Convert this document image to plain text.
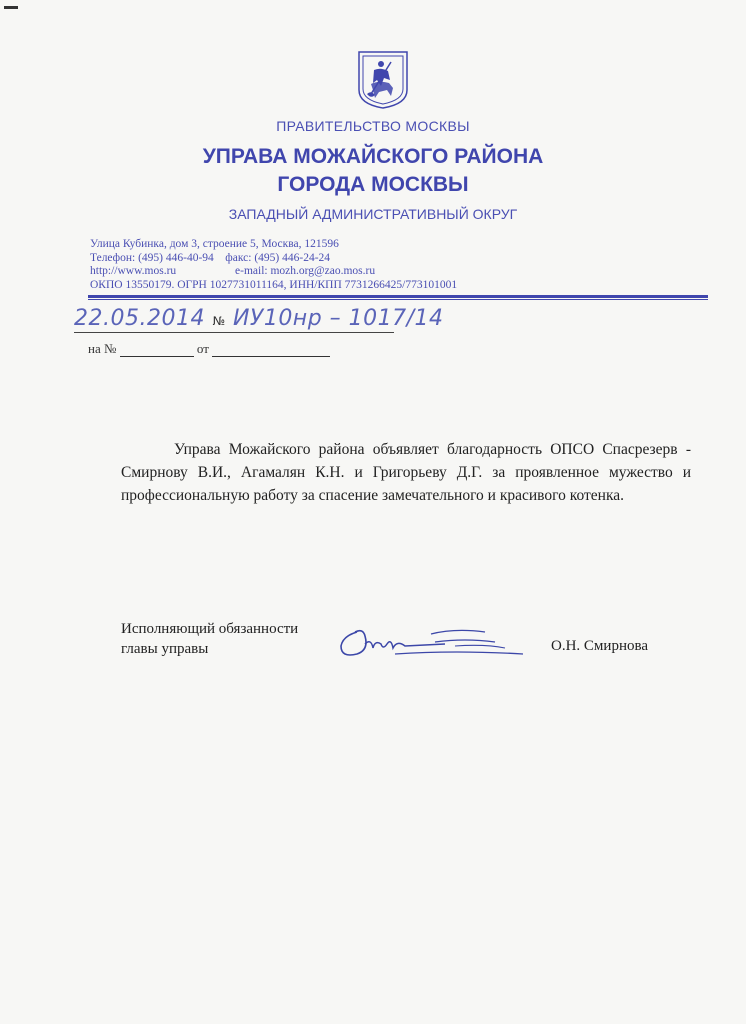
ПРАВИТЕЛЬСТВО МОСКВЫ
УПРАВА МОЖАЙСКОГО РАЙОНА
ГОРОДА МОСКВЫ
ЗАПАДНЫЙ АДМИНИСТРАТИВНЫЙ ОКРУГ
Улица Кубинка, дом 3, строение 5, Москва, 121596
Телефон: (495) 446-40-94 факс: (495) 446-24-24
http://www.mos.ru	e-mail: mozh.org@zao.mos.ru
ОКПО 13550179. ОГРН 1027731011164, ИНН/КПП 7731266425/773101001
22.05.2014 № ИУ10нр – 1017/14
на №	от

Управа Можайского района объявляет благодарность ОПСО Спасрезерв - Смирнову В.И., Агамалян К.Н. и Григорьеву Д.Г. за проявленное мужество и профессиональную работу за спасение замечательного и красивого котенка.

Исполняющий обязанности
главы управы	О.Н. Смирнова
